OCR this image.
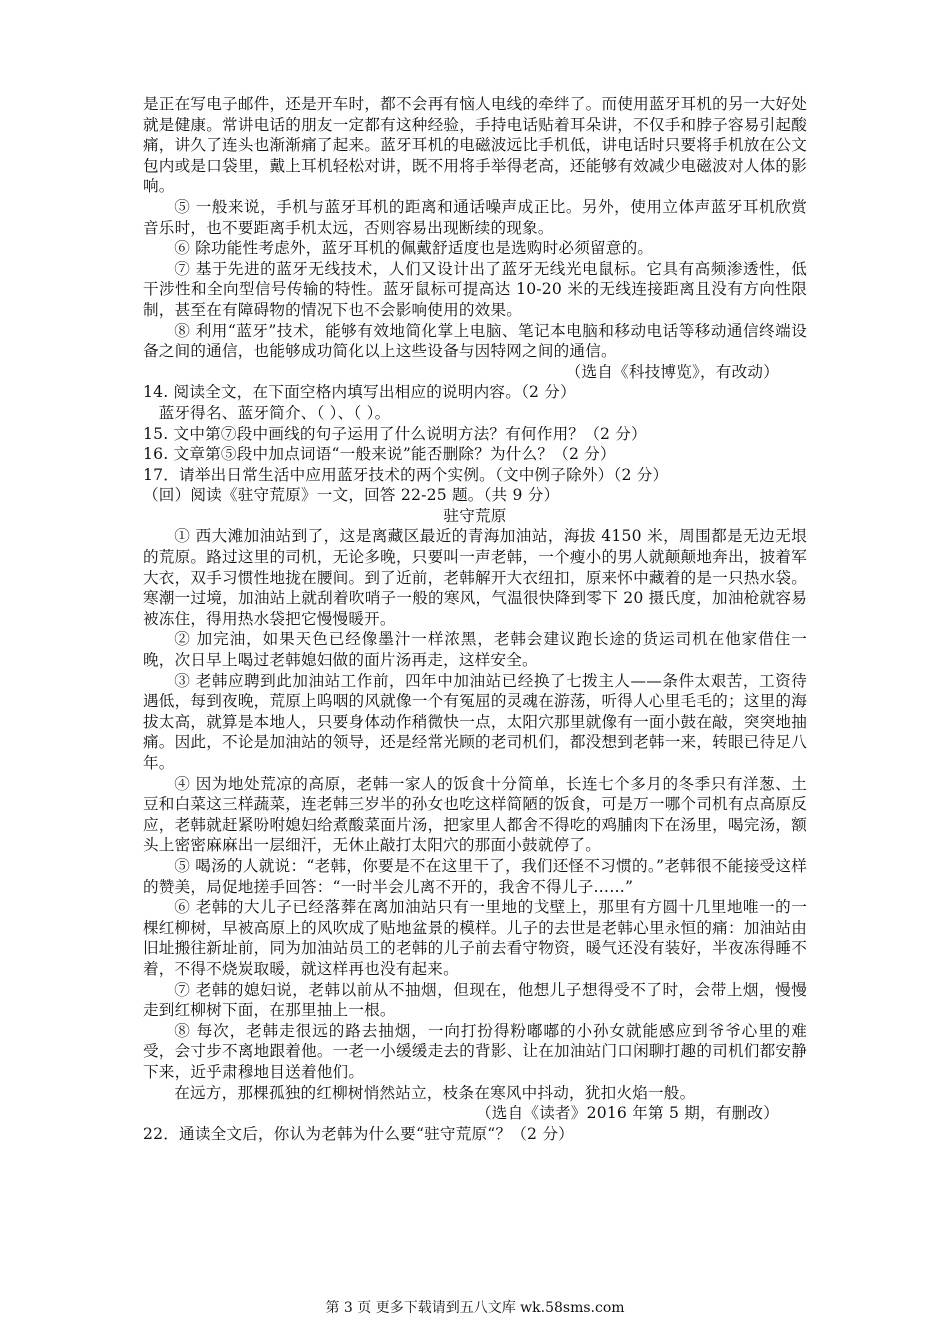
是正在写电子邮件，还是开车时，都不会再有恼人电线的牵绊了。而使用蓝牙耳机的另一大好处就是健康。常讲电话的朋友一定都有这种经验，手持电话贴着耳朵讲，不仅手和脖子容易引起酸痛，讲久了连头也渐渐痛了起来。蓝牙耳机的电磁波远比手机低，讲电话时只要将手机放在公文包内或是口袋里，戴上耳机轻松对讲，既不用将手举得老高，还能够有效减少电磁波对人体的影响。

⑤ 一般来说，手机与蓝牙耳机的距离和通话噪声成正比。另外，使用立体声蓝牙耳机欣赏音乐时，也不要距离手机太远，否则容易出现断续的现象。

⑥ 除功能性考虑外，蓝牙耳机的佩戴舒适度也是选购时必须留意的。

⑦ 基于先进的蓝牙无线技术，人们又设计出了蓝牙无线光电鼠标。它具有高频渗透性，低干涉性和全向型信号传输的特性。蓝牙鼠标可提高达 10-20 米的无线连接距离且没有方向性限制，甚至在有障碍物的情况下也不会影响使用的效果。

⑧ 利用“蓝牙”技术，能够有效地简化掌上电脑、笔记本电脑和移动电话等移动通信终端设备之间的通信，也能够成功简化以上这些设备与因特网之间的通信。

（选自《科技博览》，有改动）

14. 阅读全文，在下面空格内填写出相应的说明内容。（2 分）

蓝牙得名、蓝牙简介、（ ）、（ ）。

15. 文中第⑦段中画线的句子运用了什么说明方法？有何作用？（2 分）

16. 文章第⑤段中加点词语“一般来说”能否删除？为什么？（2 分）

17．请举出日常生活中应用蓝牙技术的两个实例。（文中例子除外）（2 分）

（回）阅读《驻守荒原》一文，回答 22-25 题。（共 9 分）

驻守荒原

① 西大滩加油站到了，这是离藏区最近的青海加油站，海拔 4150 米，周围都是无边无垠的荒原。路过这里的司机，无论多晚，只要叫一声老韩，一个瘦小的男人就颠颠地奔出，披着军大衣，双手习惯性地拢在腰间。到了近前，老韩解开大衣纽扣，原来怀中藏着的是一只热水袋。寒潮一过境，加油站上就刮着吹哨子一般的寒风，气温很快降到零下 20 摄氏度，加油枪就容易被冻住，得用热水袋把它慢慢暖开。

② 加完油，如果天色已经像墨汁一样浓黑，老韩会建议跑长途的货运司机在他家借住一晚，次日早上喝过老韩媳妇做的面片汤再走，这样安全。

③ 老韩应聘到此加油站工作前，四年中加油站已经换了七拨主人——条件太艰苦，工资待遇低，每到夜晚，荒原上呜咽的风就像一个有冤屈的灵魂在游荡，听得人心里毛毛的；这里的海拔太高，就算是本地人，只要身体动作稍微快一点，太阳穴那里就像有一面小鼓在敲，突突地抽痛。因此，不论是加油站的领导，还是经常光顾的老司机们，都没想到老韩一来，转眼已待足八年。

④ 因为地处荒凉的高原，老韩一家人的饭食十分简单，长连七个多月的冬季只有洋葱、土豆和白菜这三样蔬菜，连老韩三岁半的孙女也吃这样简陋的饭食，可是万一哪个司机有点高原反应，老韩就赶紧吩咐媳妇给煮酸菜面片汤，把家里人都舍不得吃的鸡脯肉下在汤里，喝完汤，额头上密密麻麻出一层细汗，无休止敲打太阳穴的那面小鼓就停了。

⑤ 喝汤的人就说：“老韩，你要是不在这里干了，我们还怪不习惯的。”老韩很不能接受这样的赞美，局促地搓手回答：“一时半会儿离不开的，我舍不得儿子……”

⑥ 老韩的大儿子已经落葬在离加油站只有一里地的戈壁上，那里有方圆十几里地唯一的一棵红柳树，早被高原上的风吹成了贴地盆景的模样。儿子的去世是老韩心里永恒的痛：加油站由旧址搬往新址前，同为加油站员工的老韩的儿子前去看守物资，暖气还没有装好，半夜冻得睡不着，不得不烧炭取暖，就这样再也没有起来。

⑦ 老韩的媳妇说，老韩以前从不抽烟，但现在，他想儿子想得受不了时，会带上烟，慢慢走到红柳树下面，在那里抽上一根。

⑧ 每次，老韩走很远的路去抽烟，一向打扮得粉嘟嘟的小孙女就能感应到爷爷心里的难受，会寸步不离地跟着他。一老一小缓缓走去的背影、让在加油站门口闲聊打趣的司机们都安静下来，近乎肃穆地目送着他们。

在远方，那棵孤独的红柳树悄然站立，枝条在寒风中抖动，犹扣火焰一般。

（选自《读者》2016 年第 5 期，有删改）

22．通读全文后，你认为老韩为什么要“驻守荒原“？（2 分）

第 3 页 更多下载请到五八文库 wk.58sms.com
